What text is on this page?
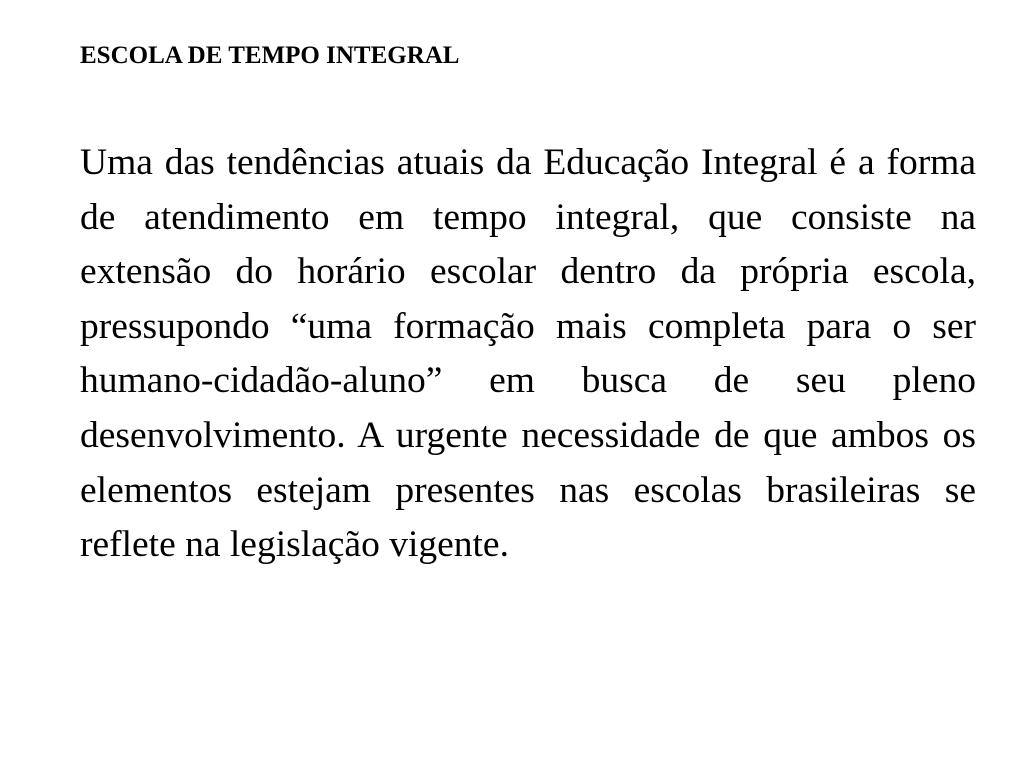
ESCOLA DE TEMPO INTEGRAL

Uma das tendências atuais da Educação Integral é a forma de atendimento em tempo integral, que consiste na extensão do horário escolar dentro da própria escola, pressupondo “uma formação mais completa para o ser humano-cidadão-aluno” em busca de seu pleno desenvolvimento. A urgente necessidade de que ambos os elementos estejam presentes nas escolas brasileiras se reflete na legislação vigente.
